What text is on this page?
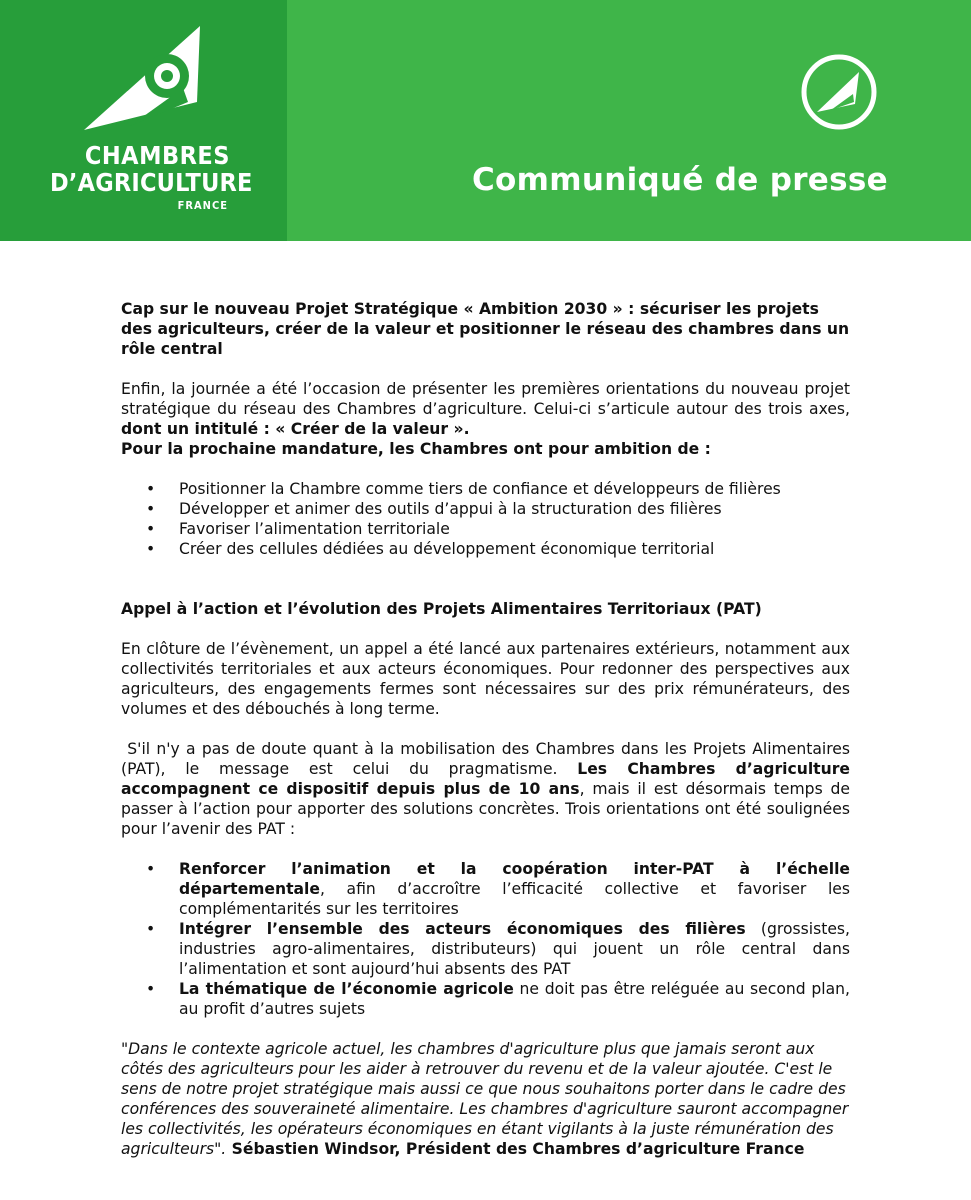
CHAMBRES
D’AGRICULTURE
FRANCE
Communiqué de presse

Cap sur le nouveau Projet Stratégique « Ambition 2030 » : sécuriser les projets des agriculteurs, créer de la valeur et positionner le réseau des chambres dans un rôle central

Enfin, la journée a été l’occasion de présenter les premières orientations du nouveau projet stratégique du réseau des Chambres d’agriculture. Celui-ci s’articule autour des trois axes, dont un intitulé : « Créer de la valeur ».

Pour la prochaine mandature, les Chambres ont pour ambition de :

• Positionner la Chambre comme tiers de confiance et développeurs de filières
• Développer et animer des outils d’appui à la structuration des filières
• Favoriser l’alimentation territoriale
• Créer des cellules dédiées au développement économique territorial

Appel à l’action et l’évolution des Projets Alimentaires Territoriaux (PAT)

En clôture de l’évènement, un appel a été lancé aux partenaires extérieurs, notamment aux collectivités territoriales et aux acteurs économiques. Pour redonner des perspectives aux agriculteurs, des engagements fermes sont nécessaires sur des prix rémunérateurs, des volumes et des débouchés à long terme.

S'il n'y a pas de doute quant à la mobilisation des Chambres dans les Projets Alimentaires (PAT), le message est celui du pragmatisme. Les Chambres d’agriculture accompagnent ce dispositif depuis plus de 10 ans, mais il est désormais temps de passer à l’action pour apporter des solutions concrètes. Trois orientations ont été soulignées pour l’avenir des PAT :

• Renforcer l’animation et la coopération inter-PAT à l’échelle départementale, afin d’accroître l’efficacité collective et favoriser les complémentarités sur les territoires
• Intégrer l’ensemble des acteurs économiques des filières (grossistes, industries agro-alimentaires, distributeurs) qui jouent un rôle central dans l’alimentation et sont aujourd’hui absents des PAT
• La thématique de l’économie agricole ne doit pas être reléguée au second plan, au profit d’autres sujets

"Dans le contexte agricole actuel, les chambres d'agriculture plus que jamais seront aux côtés des agriculteurs pour les aider à retrouver du revenu et de la valeur ajoutée. C'est le sens de notre projet stratégique mais aussi ce que nous souhaitons porter dans le cadre des conférences des souveraineté alimentaire. Les chambres d'agriculture sauront accompagner les collectivités, les opérateurs économiques en étant vigilants à la juste rémunération des agriculteurs". Sébastien Windsor, Président des Chambres d’agriculture France
